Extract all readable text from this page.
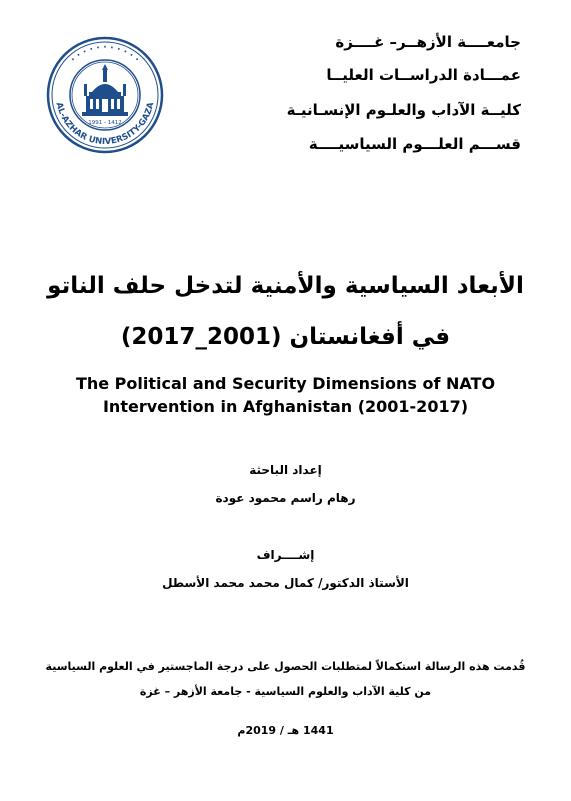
· · · · · · · · · · ·
AL-AZHAR UNIVERSITY-GAZA
1991 - 1412
جامعــــة الأزهــر– غــــزة
عمـــادة الدراســات العليــا
كليــة الآداب والعلـوم الإنسـانيـة
قســـم العلـــوم السياسيــــة
الأبعاد السياسية والأمنية لتدخل حلف الناتو
في أفغانستان (2001_2017)
The Political and Security Dimensions of NATO
Intervention in Afghanistan (2001-2017)
إعداد الباحثة
رهام راسم محمود عودة
إشــــراف
الأستاذ الدكتور/ كمال محمد محمد الأسطل
قُدمت هذه الرسالة استكمالاً لمتطلبات الحصول على درجة الماجستير في العلوم السياسية
من كلية الآداب والعلوم السياسية - جامعة الأزهر – غزة
1441 هـ / 2019م
